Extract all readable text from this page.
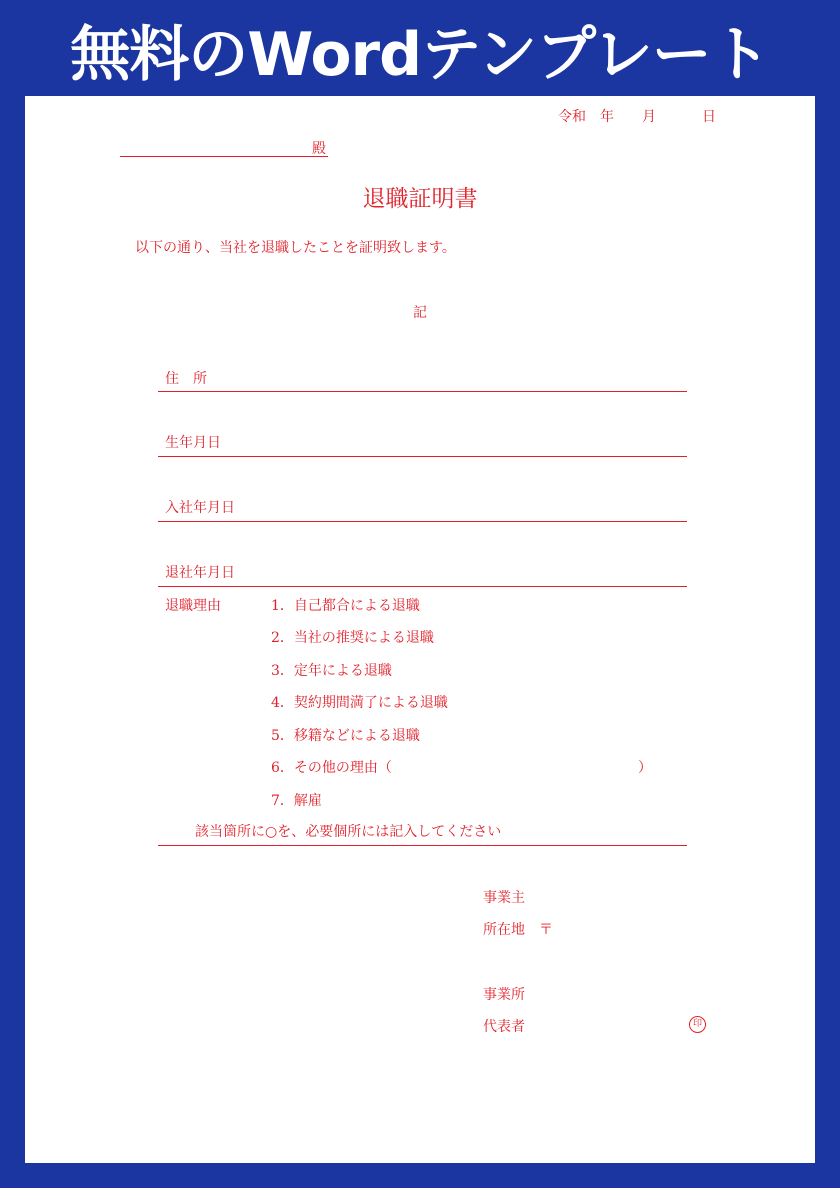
無料のWordテンプレート
令和 年 月	日
殿
退職証明書
以下の通り、当社を退職したことを証明致します。
記
住　所
生年月日
入社年月日
退社年月日
退職理由	1．自己都合による退職
2．当社の推奨による退職
3．定年による退職
4．契約期間満了による退職
5．移籍などによる退職
6．その他の理由（	）
7．解雇
該当箇所に○を、必要個所には記入してください
事業主
所在地　〒
事業所
代表者	印
